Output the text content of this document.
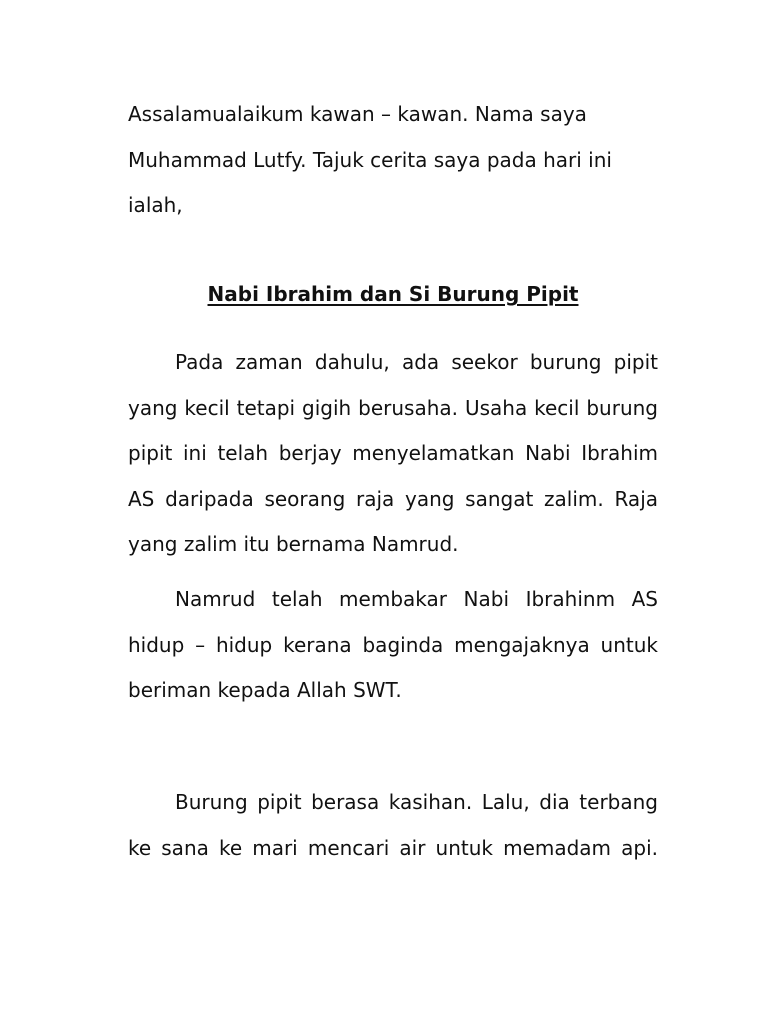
Assalamualaikum kawan – kawan. Nama saya Muhammad Lutfy. Tajuk cerita saya pada hari ini ialah,

Nabi Ibrahim dan Si Burung Pipit

Pada zaman dahulu, ada seekor burung pipit yang kecil tetapi gigih berusaha. Usaha kecil burung pipit ini telah berjay menyelamatkan Nabi Ibrahim AS daripada seorang raja yang sangat zalim. Raja yang zalim itu bernama Namrud.

Namrud telah membakar Nabi Ibrahinm AS hidup – hidup kerana baginda mengajaknya untuk beriman kepada Allah SWT.

Burung pipit berasa kasihan. Lalu, dia terbang ke sana ke mari mencari air untuk memadam api.
